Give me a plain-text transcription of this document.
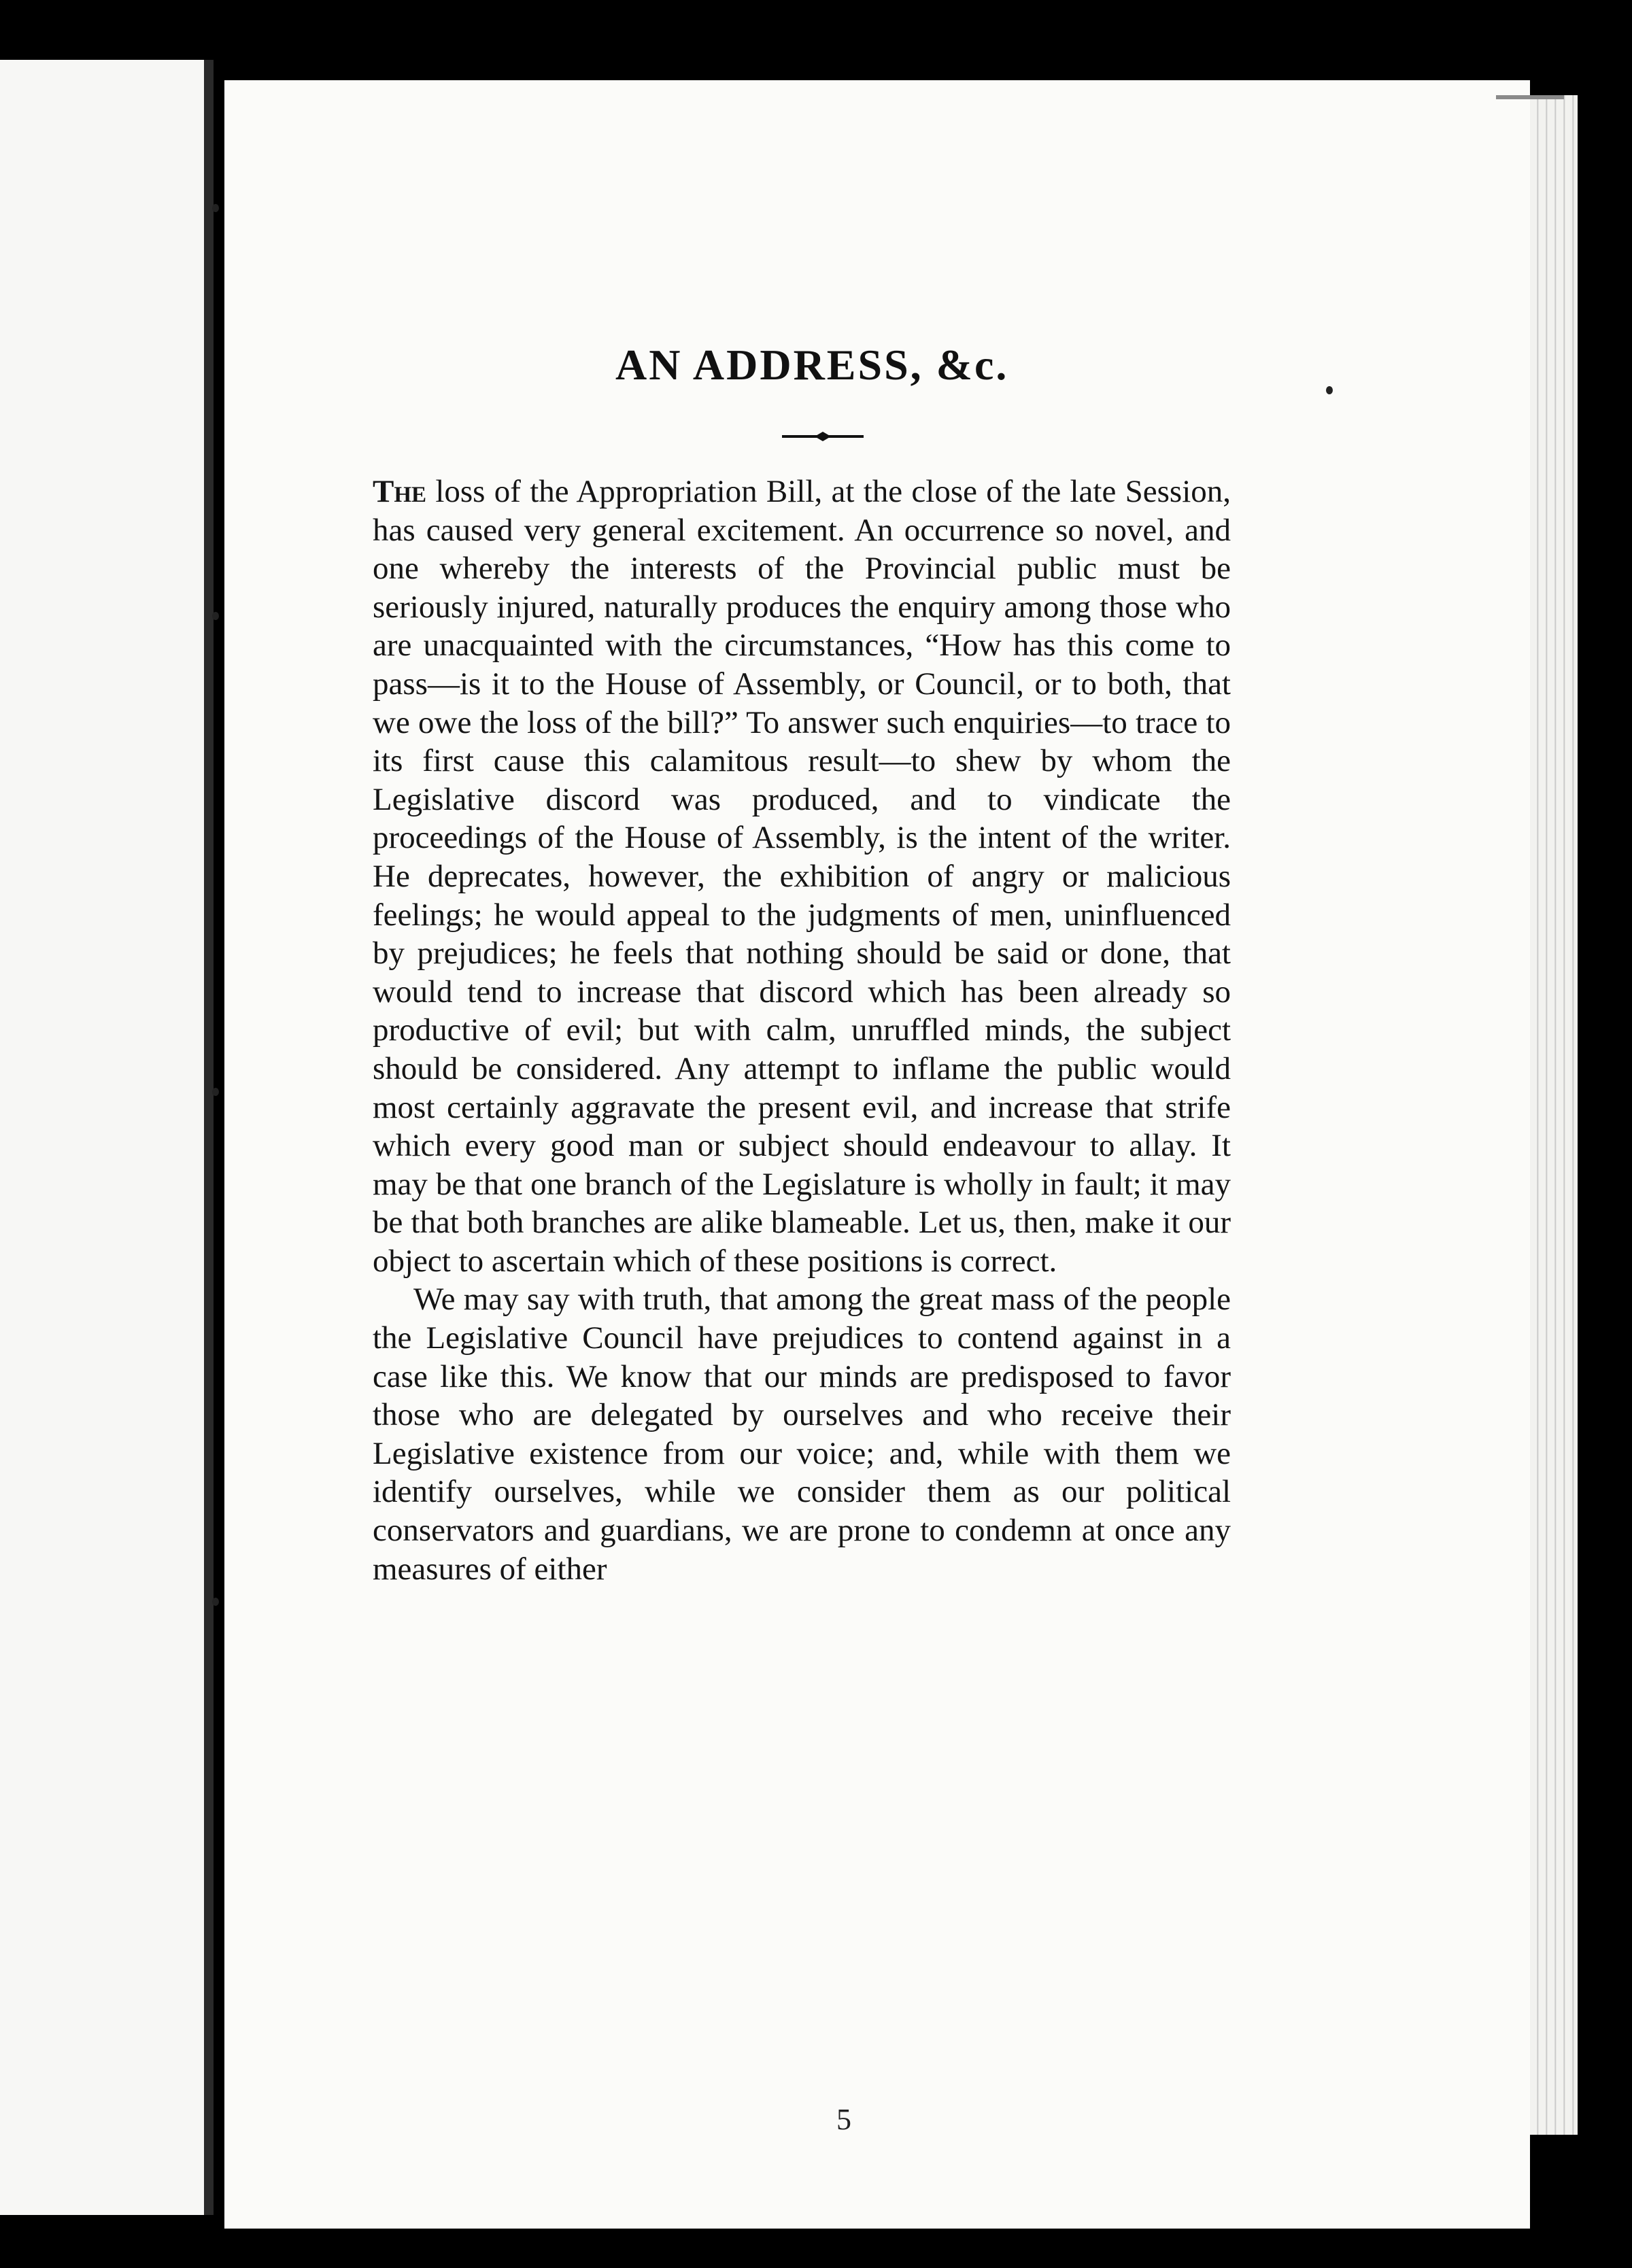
AN ADDRESS, &c.

The loss of the Appropriation Bill, at the close of the late Session, has caused very general excitement. An occurrence so novel, and one whereby the interests of the Provincial public must be seriously injured, naturally produces the enquiry among those who are unacquainted with the circumstances, “How has this come to pass—is it to the House of Assembly, or Council, or to both, that we owe the loss of the bill?” To answer such enquiries—to trace to its first cause this calamitous result—to shew by whom the Legislative discord was produced, and to vindicate the proceedings of the House of Assembly, is the intent of the writer. He deprecates, however, the exhibition of angry or malicious feelings; he would appeal to the judgments of men, uninfluenced by prejudices; he feels that nothing should be said or done, that would tend to increase that discord which has been already so productive of evil; but with calm, unruffled minds, the subject should be considered. Any attempt to inflame the public would most certainly aggravate the present evil, and increase that strife which every good man or subject should endeavour to allay. It may be that one branch of the Legislature is wholly in fault; it may be that both branches are alike blameable. Let us, then, make it our object to ascertain which of these positions is correct.

We may say with truth, that among the great mass of the people the Legislative Council have prejudices to contend against in a case like this. We know that our minds are predisposed to favor those who are delegated by ourselves and who receive their Legislative existence from our voice; and, while with them we identify ourselves, while we consider them as our political conservators and guardians, we are prone to condemn at once any measures of either

5
